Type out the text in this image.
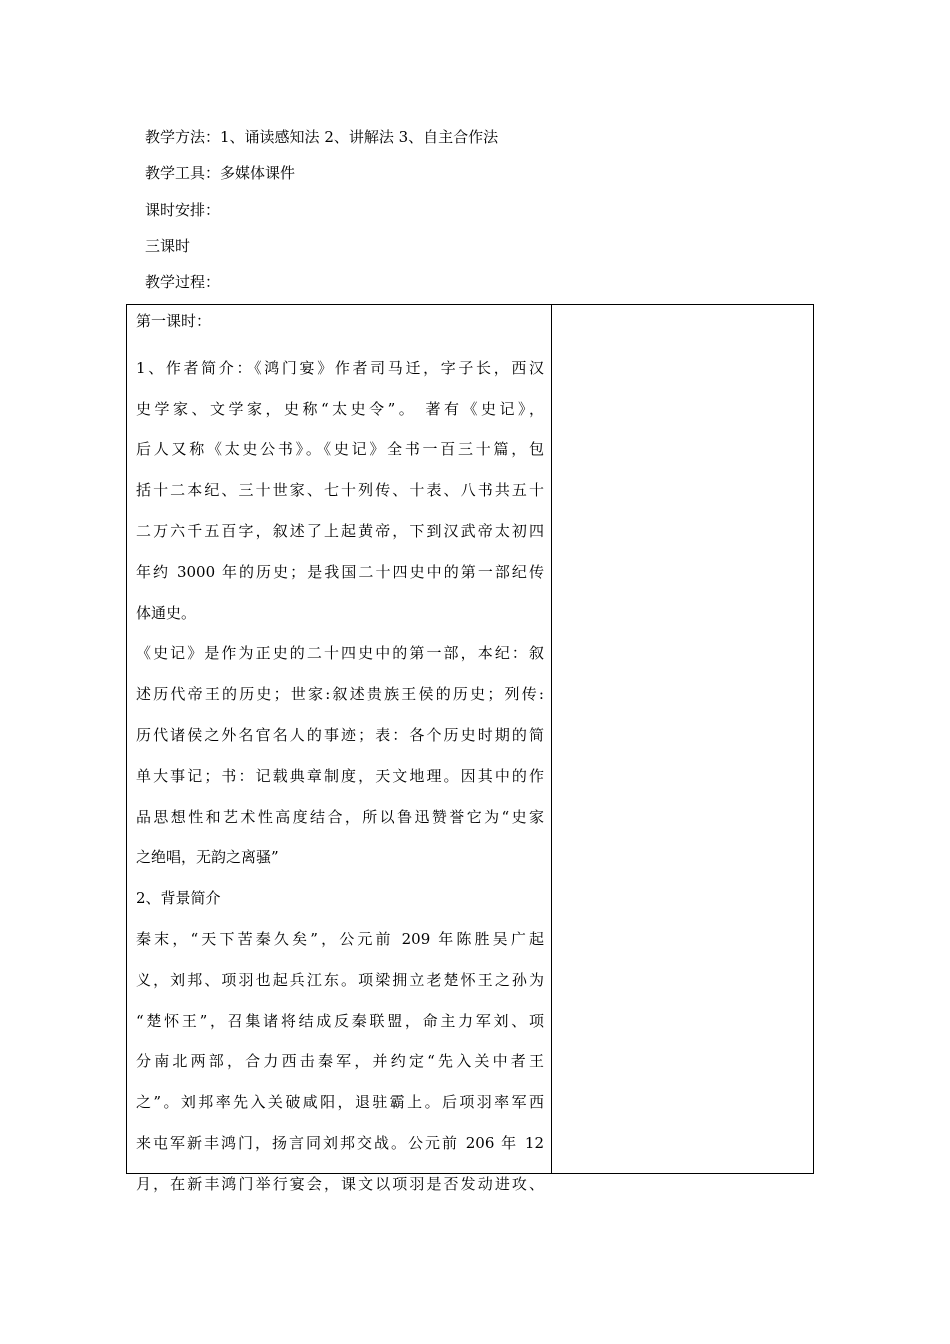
教学方法：1、诵读感知法 2、讲解法 3、自主合作法
教学工具：多媒体课件
课时安排：
三课时
教学过程：
第一课时：
1、作者简介：《鸿门宴》作者司马迁，字子长，西汉
史学家、文学家，史称“太史令”。 著有《史记》，
后人又称《太史公书》。《史记》全书一百三十篇，包
括十二本纪、三十世家、七十列传、十表、八书共五十
二万六千五百字，叙述了上起黄帝，下到汉武帝太初四
年约 3000 年的历史；是我国二十四史中的第一部纪传
体通史。
《史记》是作为正史的二十四史中的第一部，本纪：叙
述历代帝王的历史；世家:叙述贵族王侯的历史；列传:
历代诸侯之外名官名人的事迹；表：各个历史时期的简
单大事记；书：记载典章制度，天文地理。因其中的作
品思想性和艺术性高度结合，所以鲁迅赞誉它为“史家
之绝唱，无韵之离骚”
2、背景简介
秦末，“天下苦秦久矣”，公元前 209 年陈胜吴广起
义，刘邦、项羽也起兵江东。项梁拥立老楚怀王之孙为
“楚怀王”，召集诸将结成反秦联盟，命主力军刘、项
分南北两部，合力西击秦军，并约定“先入关中者王
之”。刘邦率先入关破咸阳，退驻霸上。后项羽率军西
来屯军新丰鸿门，扬言同刘邦交战。公元前 206 年 12
月，在新丰鸿门举行宴会，课文以项羽是否发动进攻、
